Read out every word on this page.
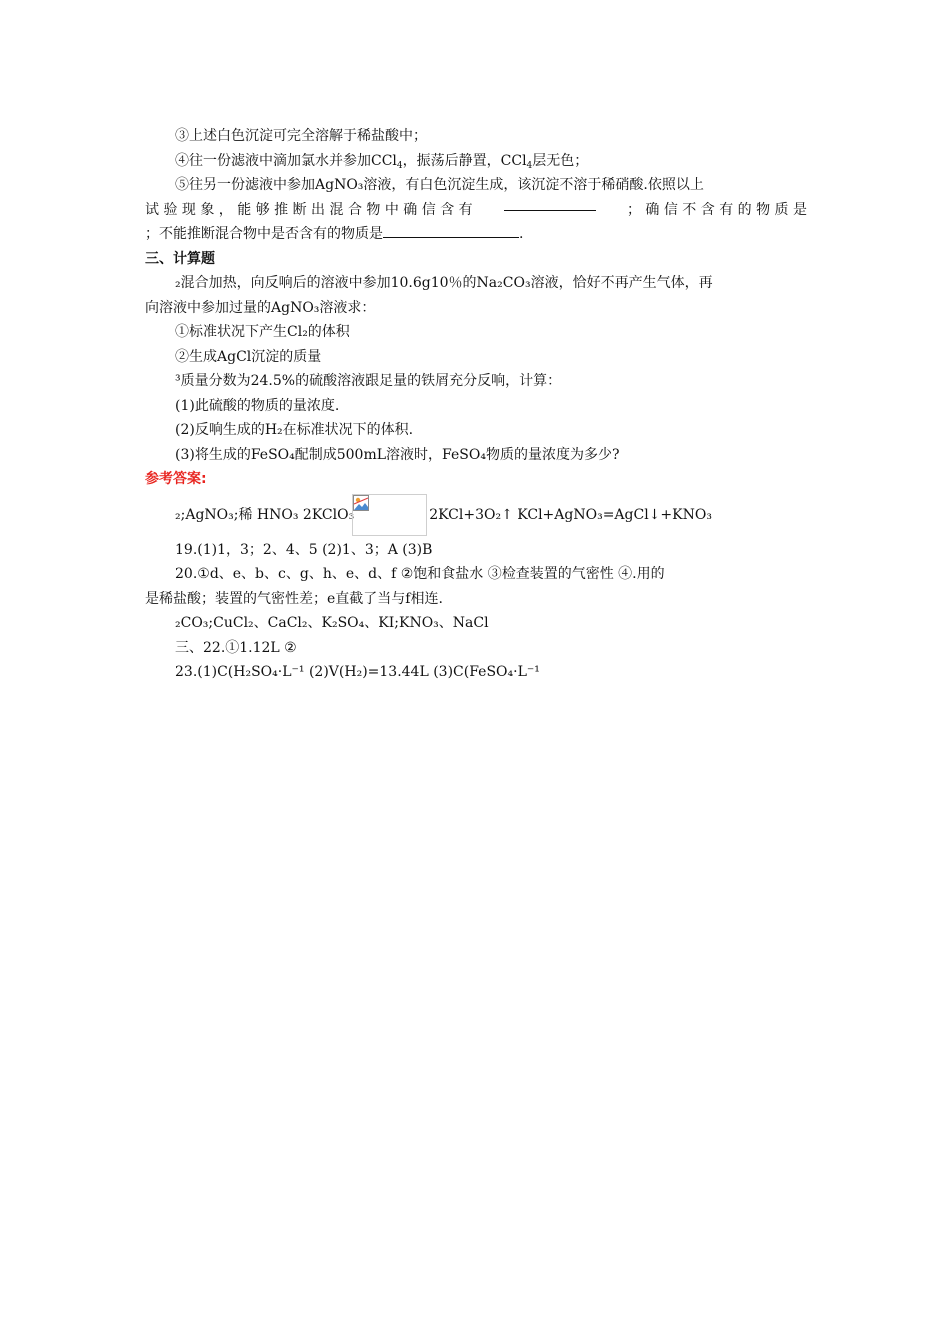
③上述白色沉淀可完全溶解于稀盐酸中；
④往一份滤液中滴加氯水并参加CCl$_4$，振荡后静置，CCl$_4$层无色；
⑤往另一份滤液中参加AgNO₃溶液，有白色沉淀生成，该沉淀不溶于稀硝酸.依照以上
试 验 现 象 ， 能 够 推 断 出 混 合 物 中 确 信 含 有	； 确 信 不 含 有 的 物 质 是
；不能推断混合物中是否含有的物质是	.
三、计算题
₂混合加热，向反响后的溶液中参加10.6g10％的Na₂CO₃溶液，恰好不再产生气体，再
向溶液中参加过量的AgNO₃溶液求：
①标准状况下产生Cl₂的体积
②生成AgCl沉淀的质量
³质量分数为24.5%的硫酸溶液跟足量的铁屑充分反响，计算：
(1)此硫酸的物质的量浓度.
(2)反响生成的H₂在标准状况下的体积.
(3)将生成的FeSO₄配制成500mL溶液时，FeSO₄物质的量浓度为多少?
参考答案:
₂;AgNO₃;稀 HNO₃ 2KClO₃	2KCl+3O₂↑ KCl+AgNO₃=AgCl↓+KNO₃
19.(1)1，3；2、4、5 (2)1、3；A (3)B
20.①d、e、b、c、g、h、e、d、f ②饱和食盐水 ③检查装置的气密性 ④.用的
是稀盐酸；装置的气密性差；e直截了当与f相连.
₂CO₃;CuCl₂、CaCl₂、K₂SO₄、KI;KNO₃、NaCl
三、22.①1.12L ②
23.(1)C(H₂SO₄·L⁻¹ (2)V(H₂)=13.44L (3)C(FeSO₄·L⁻¹
